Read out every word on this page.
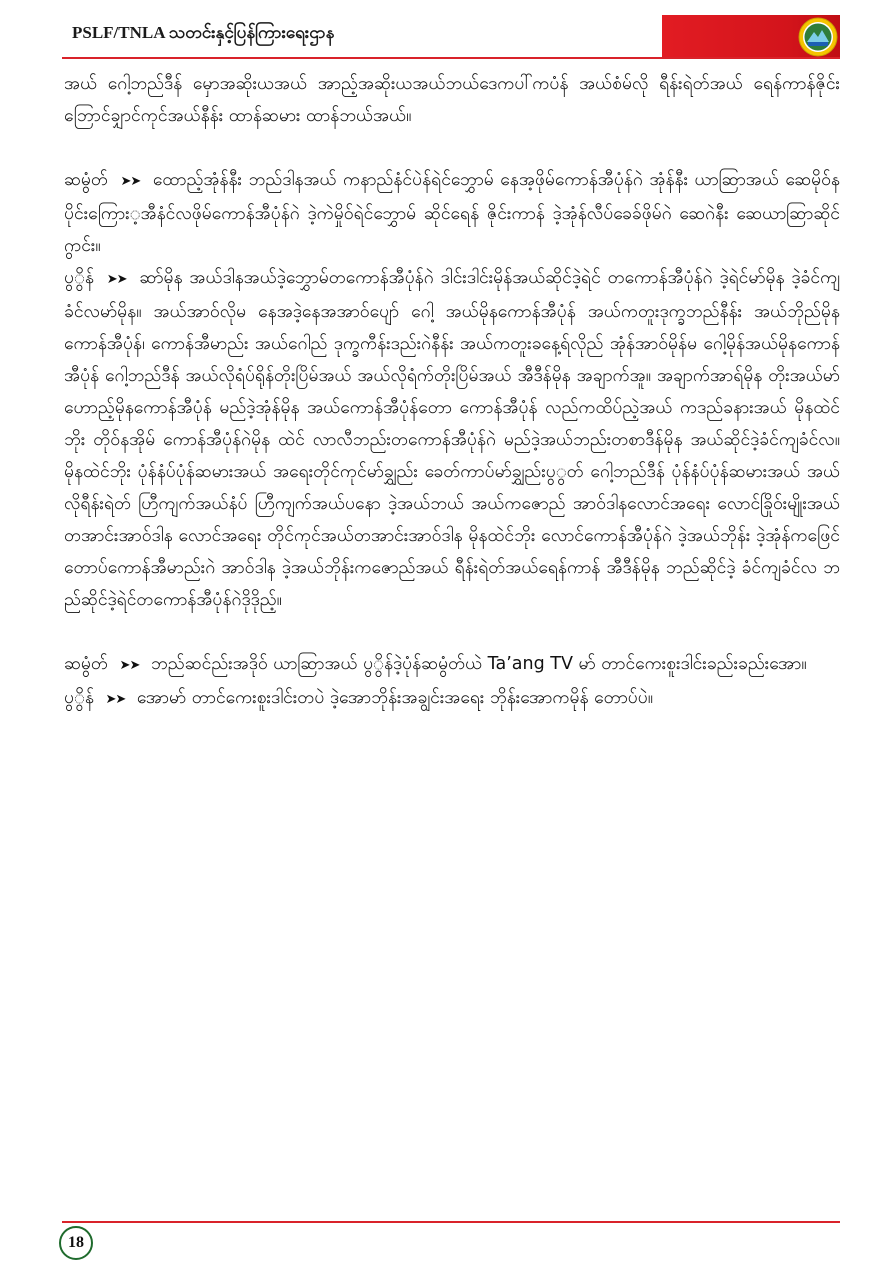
PSLF/TNLA သတင်းနှင့်ပြန်ကြားရေးဌာန

အယ် ဂေါ့ဘည်ဒီန် မှောအဆိုးယအယ် အာည့်အဆိုးယအယ်ဘယ်ဒေကပါ်ကပံန် အယ်စံမ်လို ရီန်းရဲတ်အယ် ရေန်ကာန်ဇိုင်းဘြောင်ချှာင်ကုင်အယ်နီန်း ထာန်ဆမား ထာန်ဘယ်အယ်။

ဆမွံတ် ➤➤ ထောည့်အုံန်နီး ဘည်ဒါနအယ် ကနာည်နံင်ပဲန်ရဲင်ဘွှောမ် နေအ့ဖိုမ်ကောန်အီပုံန်ဂဲ အုံန်နီး ယာဆြာအယ် ဆေမိုဝ်န ပိုင်းကြေား့အီနံင်လဖိုမ်ကောန်အီပုံန်ဂဲ ဒဲ့ကဲမှိုဝ်ရဲင်ဘွှောမ် ဆိုင်ရေန် ဇိုင်းကာန် ဒဲ့အုံန်လီပ်ခေခ်ဖိုမ်ဂဲ ဆေဂဲနီး ဆေယာဆြာဆိုင်ဂွာင်း။

ပွွိန် ➤➤ ဆာ်မိုန အယ်ဒါနအယ်ဒဲ့ဘွှောမ်တကောန်အီပုံန်ဂဲ ဒါင်းဒါင်းမိုန်အယ်ဆိုင်ဒဲ့ရဲင် တကောန်အီပုံန်ဂဲ ဒဲ့ရဲင်မာ်မိုန ဒဲ့ခံင်ကျခံင်လမာ်မိုန။ အယ်အာဝ်လိုမ နေအဒဲ့နေအအာဝ်ပျော် ဂေါ့ အယ်မိုနကောန်အီပုံန် အယ်ကတူးဒုက္ခဘည်နီန်း အယ်ဘိုည်မိုန ကောန်အီပုံန်၊ ကောန်အီမာည်း အယ်ဂေါည် ဒုက္ခကီန်းဒည်းဂဲနီန်း အယ်ကတူးခနေ့ရ်လိုည် အုံန်အာဝ်မိုန်မ ဂေါ့မိုန်အယ်မိုနကောန်အီပုံန် ဂေါ့ဘည်ဒီန် အယ်လိုရံပ်ရိုန်တိုးပြိမ်အယ် အယ်လိုရံက်တိုးပြိမ်အယ် အီဒီန်မိုန အချာက်အူ။ အချာက်အာရ်မိုန တိုးအယ်မာ်ဟောည့်မိုနကောန်အီပုံန် မည်ဒဲ့အုံန်မိုန အယ်ကောန်အီပုံန်တော ကောန်အီပုံန် လည်ကထိပ်ညဲ့အယ် ကဒည်ခနားအယ် မိုနထဲင်ဘိုး တိုဝ်နအိုမ် ကောန်အီပုံန်ဂဲမိုန ထဲင် လာလီဘည်းတကောန်အီပုံန်ဂဲ မည်ဒဲ့အယ်ဘည်းတစာဒီန်မိုန အယ်ဆိုင်ဒဲ့ခံင်ကျခံင်လ။ မိုနထဲင်ဘိုး ပုံန်နံပ်ပုံန်ဆမားအယ် အရေးတိုင်ကုင်မာ်ချွှည်း ခေတ်ကာပ်မာ်ချွှည်းပွွတ် ဂေါ့ဘည်ဒီန် ပုံန်နံပ်ပုံန်ဆမားအယ် အယ်လိုရီန်းရဲတ် ဟြီကျက်အယ်နံပ် ဟြီကျက်အယ်ပနော ဒဲ့အယ်ဘယ် အယ်ကဇောည် အာဝ်ဒါနလောင်အရေး လောင်ခြိုဝ်းမျိုးအယ်တအာင်းအာဝ်ဒါန လောင်အရေး တိုင်ကုင်အယ်တအာင်းအာဝ်ဒါန မိုနထဲင်ဘိုး လောင်ကောန်အီပုံန်ဂဲ ဒဲ့အယ်ဘိုန်း ဒဲ့အုံန်ကဖြေင် တောပ်ကောန်အီမာည်းဂဲ အာဝ်ဒါန ဒဲ့အယ်ဘိုန်းကဇောည်အယ် ရီန်းရဲတ်အယ်ရေန်ကာန် အီဒီန်မိုန ဘည်ဆိုင်ဒဲ့ ခံင်ကျခံင်လ ဘည်ဆိုင်ဒဲ့ရဲင်တကောန်အီပုံန်ဂဲဒိုဒိုည့်။

ဆမွံတ် ➤➤ ဘည်ဆင်ည်းအဒိုဝ် ယာဆြာအယ် ပွွိန်ဒဲ့ပုံန်ဆမွံတ်ယဲ Ta’ang TV မာ် တာင်ကေးစူးဒါင်းခည်းခည်းအော။

ပွွိန် ➤➤ အောမာ် တာင်ကေးစူးဒါင်းတပဲ ဒဲ့အောဘိုန်းအချွင်းအရေး ဘိုန်းအောကမိုန် တောပ်ပဲ။

18
